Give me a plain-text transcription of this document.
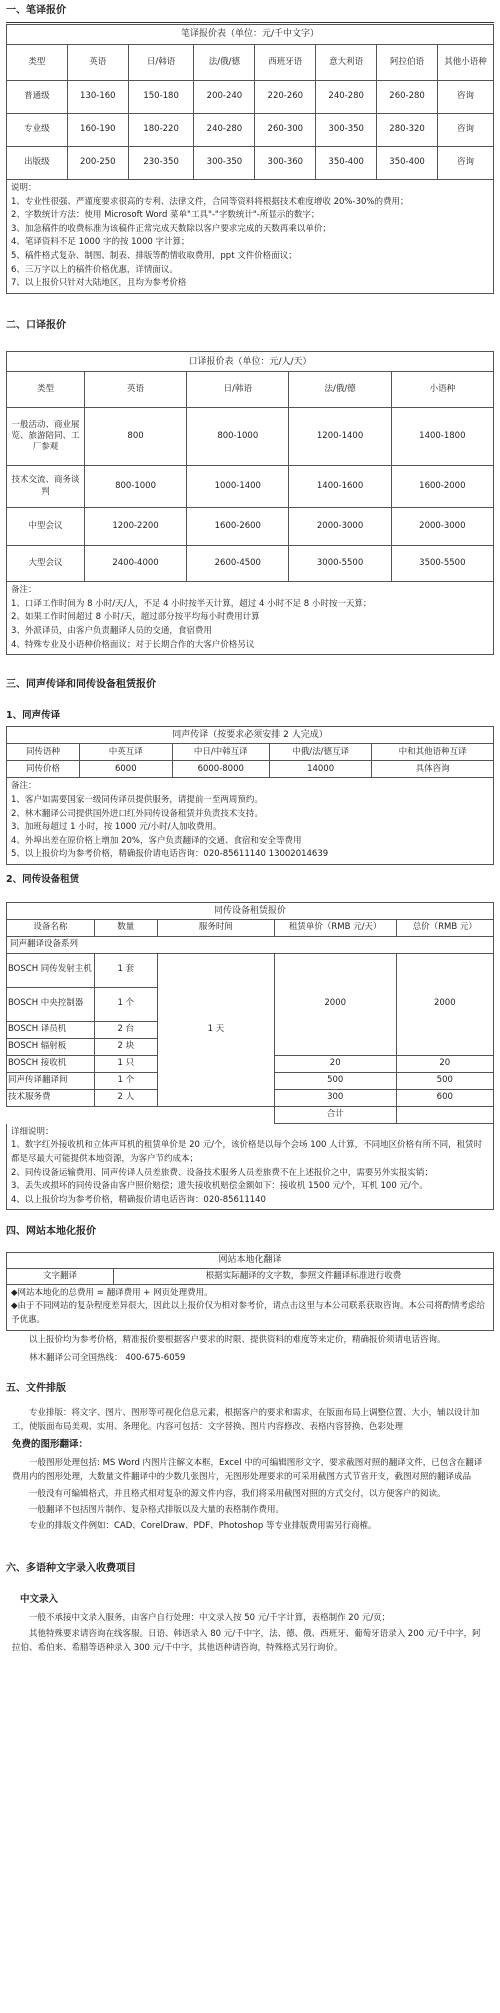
一、笔译报价
笔译报价表（单位：元/千中文字）							
类型	英语	日/韩语	法/俄/德	西班牙语	意大利语	阿拉伯语	其他小语种
普通级	130-160	150-180	200-240	220-260	240-280	260-280	咨询
专业级	160-190	180-220	240-280	260-300	300-350	280-320	咨询
出版级	200-250	230-350	300-350	300-360	350-400	350-400	咨询
说明：
1、专业性很强、严谨度要求很高的专利、法律文件，合同等资料将根据技术难度增收 20%-30%的费用；
2、字数统计方法：使用 Microsoft Word 菜单"工具"-"字数统计"-所显示的数字；
3、加急稿件的收费标准为该稿件正常完成天数除以客户要求完成的天数再乘以单价；
4、笔译资料不足 1000 字的按 1000 字计算；
5、稿件格式复杂、制图、制表、排版等酌情收取费用，ppt 文件价格面议；
6、三万字以上的稿件价格优惠，详情面议。
7、以上报价只针对大陆地区，且均为参考价格
二、口译报价
口译报价表（单位：元/人/天）				
类型	英语	日/韩语	法/俄/德	小语种
一般活动、商业展览、旅游陪同、工厂参观	800	800-1000	1200-1400	1400-1800
技术交流、商务谈判	800-1000	1000-1400	1400-1600	1600-2000
中型会议	1200-2200	1600-2600	2000-3000	2000-3000
大型会议	2400-4000	2600-4500	3000-5500	3500-5500
备注：
1、口译工作时间为 8 小时/天/人，不足 4 小时按半天计算，超过 4 小时不足 8 小时按一天算；
2、如果工作时间超过 8 小时/天，超过部分按平均每小时费用计算
3、外派译员，由客户负责翻译人员的交通，食宿费用
4、特殊专业及小语种价格面议；对于长期合作的大客户价格另议
三、同声传译和同传设备租赁报价
1、同声传译
同声传译（按要求必须安排 2 人完成）				
同传语种	中英互译	中日/中韩互译	中俄/法/德互译	中和其他语种互译
同传价格	6000	6000-8000	14000	具体咨询
备注：
1、客户如需要国家一级同传译员提供服务，请提前一至两周预约。
2、林木翻译公司提供国外进口红外同传设备租赁并负责技术支持。
3、加班每超过 1 小时，按 1000 元/小时/人加收费用。
4、外埠出差在原价格上增加 20%，客户负责翻译的交通、食宿和安全等费用
5、以上报价均为参考价格，精确报价请电话咨询：020-85611140 13002014639
2、同传设备租赁
同传设备租赁报价				
设备名称	数量	服务时间	租赁单价（RMB 元/天）	总价（RMB 元）
同声翻译设备系列				
BOSCH 同传发射主机	1 套	1 天	2000	2000
BOSCH 中央控制器	1 个			
BOSCH 译员机	2 台			
BOSCH 辐射板	2 块			
BOSCH 接收机	1 只		20	20
同声传译翻译间	1 个		500	500
技术服务费	2 人		300	600
			合计	
详细说明：
1、数字红外接收机和立体声耳机的租赁单价是 20 元/个，该价格是以每个会场 100 人计算，不同地区价格有所不同，租赁时都是尽最大可能提供本地资源，为客户节约成本；
2、同传设备运输费用、同声传译人员差旅费、设备技术服务人员差旅费不在上述报价之中，需要另外实报实销；
3、丢失或损坏的同传设备由客户照价赔偿；遗失接收机赔偿金额如下：接收机 1500 元/个，耳机 100 元/个。
4、以上报价均为参考价格，精确报价请电话咨询：020-85611140
四、网站本地化报价
网站本地化翻译
文字翻译	根据实际翻译的文字数，参照文件翻译标准进行收费
◆网站本地化的总费用 = 翻译费用 + 网页处理费用。
◆由于不同网站的复杂程度差异很大，因此以上报价仅为相对参考价，请点击这里与本公司联系获取咨询。本公司将酌情考虑给予优惠。
以上报价均为参考价格，精准报价要根据客户要求的时限、提供资料的难度等来定价，精确报价须请电话咨询。
林木翻译公司全国热线： 400-675-6059
五、文件排版
专业排版：将文字、图片、图形等可视化信息元素，根据客户的要求和需求，在版面布局上调整位置、大小，辅以设计加工，使版面布局美观、实用、条理化。内容可包括：文字替换、图片内容修改、表格内容替换、色彩处理
免费的图形翻译：
一般图形处理包括: MS Word 内图片注解文本框，Excel 中的可编辑图形文字，要求截图对照的翻译文件，已包含在翻译费用内的图形处理，大数量文件翻译中的少数几张图片，无图形处理要求的可采用截图方式节省开支，截图对照的翻译成品
一般没有可编辑格式，并且格式相对复杂的源文件内容，我们将采用截图对照的方式交付，以方便客户的阅读。
一般翻译不包括图片制作、复杂格式排版以及大量的表格制作费用。
专业的排版文件例如：CAD、CorelDraw、PDF、Photoshop 等专业排版费用需另行商榷。
六、多语种文字录入收费项目
中文录入
一般不承接中文录入服务，由客户自行处理：中文录入按 50 元/千字计算，表格制作 20 元/页；
其他特殊要求请咨询在线客服。日语、韩语录入 80 元/千中字，法、德、俄、西班牙、葡萄牙语录入 200 元/千中字，阿拉伯、希伯来、希腊等语种录入 300 元/千中字，其他语种请咨询，特殊格式另行询价。
